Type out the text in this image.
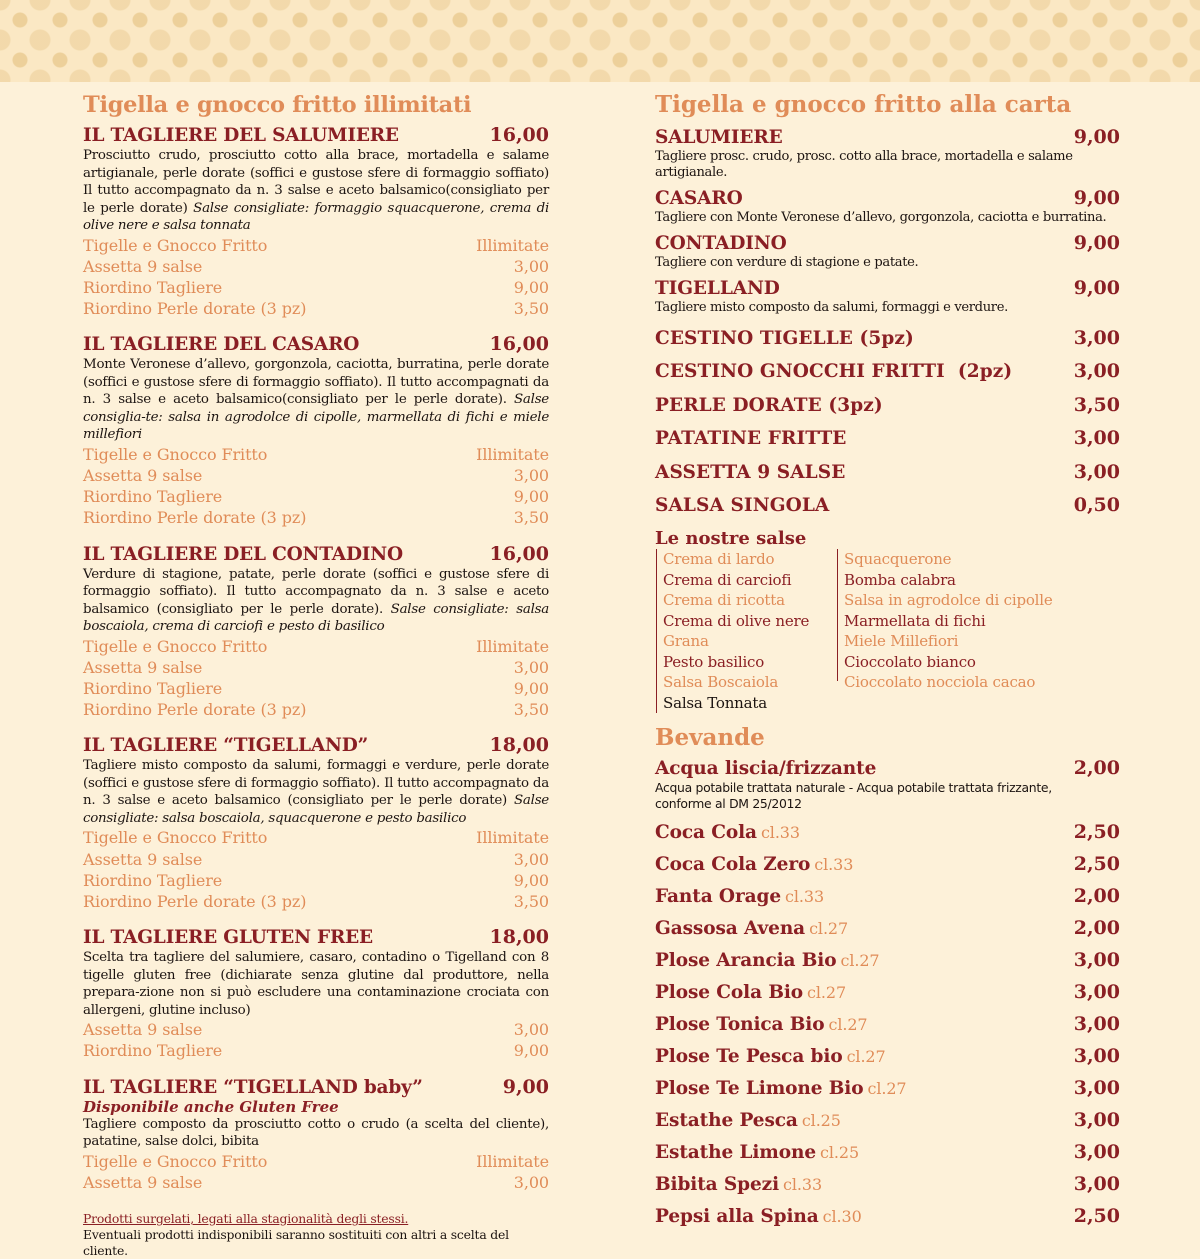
Tigella e gnocco fritto illimitati
IL TAGLIERE DEL SALUMIERE	16,00
Prosciutto crudo, prosciutto cotto alla brace, mortadella e salame artigianale, perle dorate (soffici e gustose sfere di formaggio soffiato) Il tutto accompagnato da n. 3 salse e aceto balsamico(consigliato per le perle dorate) Salse consigliate: formaggio squacquerone, crema di olive nere e salsa tonnata
Tigelle e Gnocco Fritto	Illimitate
Assetta 9 salse	3,00
Riordino Tagliere	9,00
Riordino Perle dorate (3 pz)	3,50
IL TAGLIERE DEL CASARO	16,00
Monte Veronese d’allevo, gorgonzola, caciotta, burratina, perle dorate (soffici e gustose sfere di formaggio soffiato). Il tutto accompagnati da n. 3 salse e aceto balsamico(consigliato per le perle dorate). Salse consiglia-te: salsa in agrodolce di cipolle, marmellata di fichi e miele millefiori
Tigelle e Gnocco Fritto	Illimitate
Assetta 9 salse	3,00
Riordino Tagliere	9,00
Riordino Perle dorate (3 pz)	3,50
IL TAGLIERE DEL CONTADINO	16,00
Verdure di stagione, patate, perle dorate (soffici e gustose sfere di formaggio soffiato). Il tutto accompagnato da n. 3 salse e aceto balsamico (consigliato per le perle dorate). Salse consigliate: salsa boscaiola, crema di carciofi e pesto di basilico
Tigelle e Gnocco Fritto	Illimitate
Assetta 9 salse	3,00
Riordino Tagliere	9,00
Riordino Perle dorate (3 pz)	3,50
IL TAGLIERE “TIGELLAND”	18,00
Tagliere misto composto da salumi, formaggi e verdure, perle dorate (soffici e gustose sfere di formaggio soffiato). Il tutto accompagnato da n. 3 salse e aceto balsamico (consigliato per le perle dorate) Salse consigliate: salsa boscaiola, squacquerone e pesto basilico
Tigelle e Gnocco Fritto	Illimitate
Assetta 9 salse	3,00
Riordino Tagliere	9,00
Riordino Perle dorate (3 pz)	3,50
IL TAGLIERE GLUTEN FREE	18,00
Scelta tra tagliere del salumiere, casaro, contadino o Tigelland con 8 tigelle gluten free (dichiarate senza glutine dal produttore, nella prepara-zione non si può escludere una contaminazione crociata con allergeni, glutine incluso)
Assetta 9 salse	3,00
Riordino Tagliere	9,00
IL TAGLIERE “TIGELLAND baby”	9,00
Disponibile anche Gluten Free
Tagliere composto da prosciutto cotto o crudo (a scelta del cliente), patatine, salse dolci, bibita
Tigelle e Gnocco Fritto	Illimitate
Assetta 9 salse	3,00
Prodotti surgelati, legati alla stagionalità degli stessi.
Eventuali prodotti indisponibili saranno sostituiti con altri a scelta del cliente.
Tigella e gnocco fritto alla carta
SALUMIERE	9,00
Tagliere prosc. crudo, prosc. cotto alla brace, mortadella e salame artigianale.
CASARO	9,00
Tagliere con Monte Veronese d’allevo, gorgonzola, caciotta e burratina.
CONTADINO	9,00
Tagliere con verdure di stagione e patate.
TIGELLAND	9,00
Tagliere misto composto da salumi, formaggi e verdure.
CESTINO TIGELLE (5pz)	3,00
CESTINO GNOCCHI FRITTI  (2pz)	3,00
PERLE DORATE (3pz)	3,50
PATATINE FRITTE	3,00
ASSETTA 9 SALSE	3,00
SALSA SINGOLA	0,50
Le nostre salse
Crema di lardo
Crema di carciofi
Crema di ricotta
Crema di olive nere
Grana
Pesto basilico
Salsa Boscaiola
Salsa Tonnata
Squacquerone
Bomba calabra
Salsa in agrodolce di cipolle
Marmellata di fichi
Miele Millefiori
Cioccolato bianco
Cioccolato nocciola cacao
Bevande
Acqua liscia/frizzante	2,00
Acqua potabile trattata naturale - Acqua potabile trattata frizzante, conforme al DM 25/2012
Coca Cola cl.33	2,50
Coca Cola Zero cl.33	2,50
Fanta Orage cl.33	2,00
Gassosa Avena cl.27	2,00
Plose Arancia Bio cl.27	3,00
Plose Cola Bio cl.27	3,00
Plose Tonica Bio cl.27	3,00
Plose Te Pesca bio cl.27	3,00
Plose Te Limone Bio cl.27	3,00
Estathe Pesca cl.25	3,00
Estathe Limone cl.25	3,00
Bibita Spezi cl.33	3,00
Pepsi alla Spina cl.30	2,50
